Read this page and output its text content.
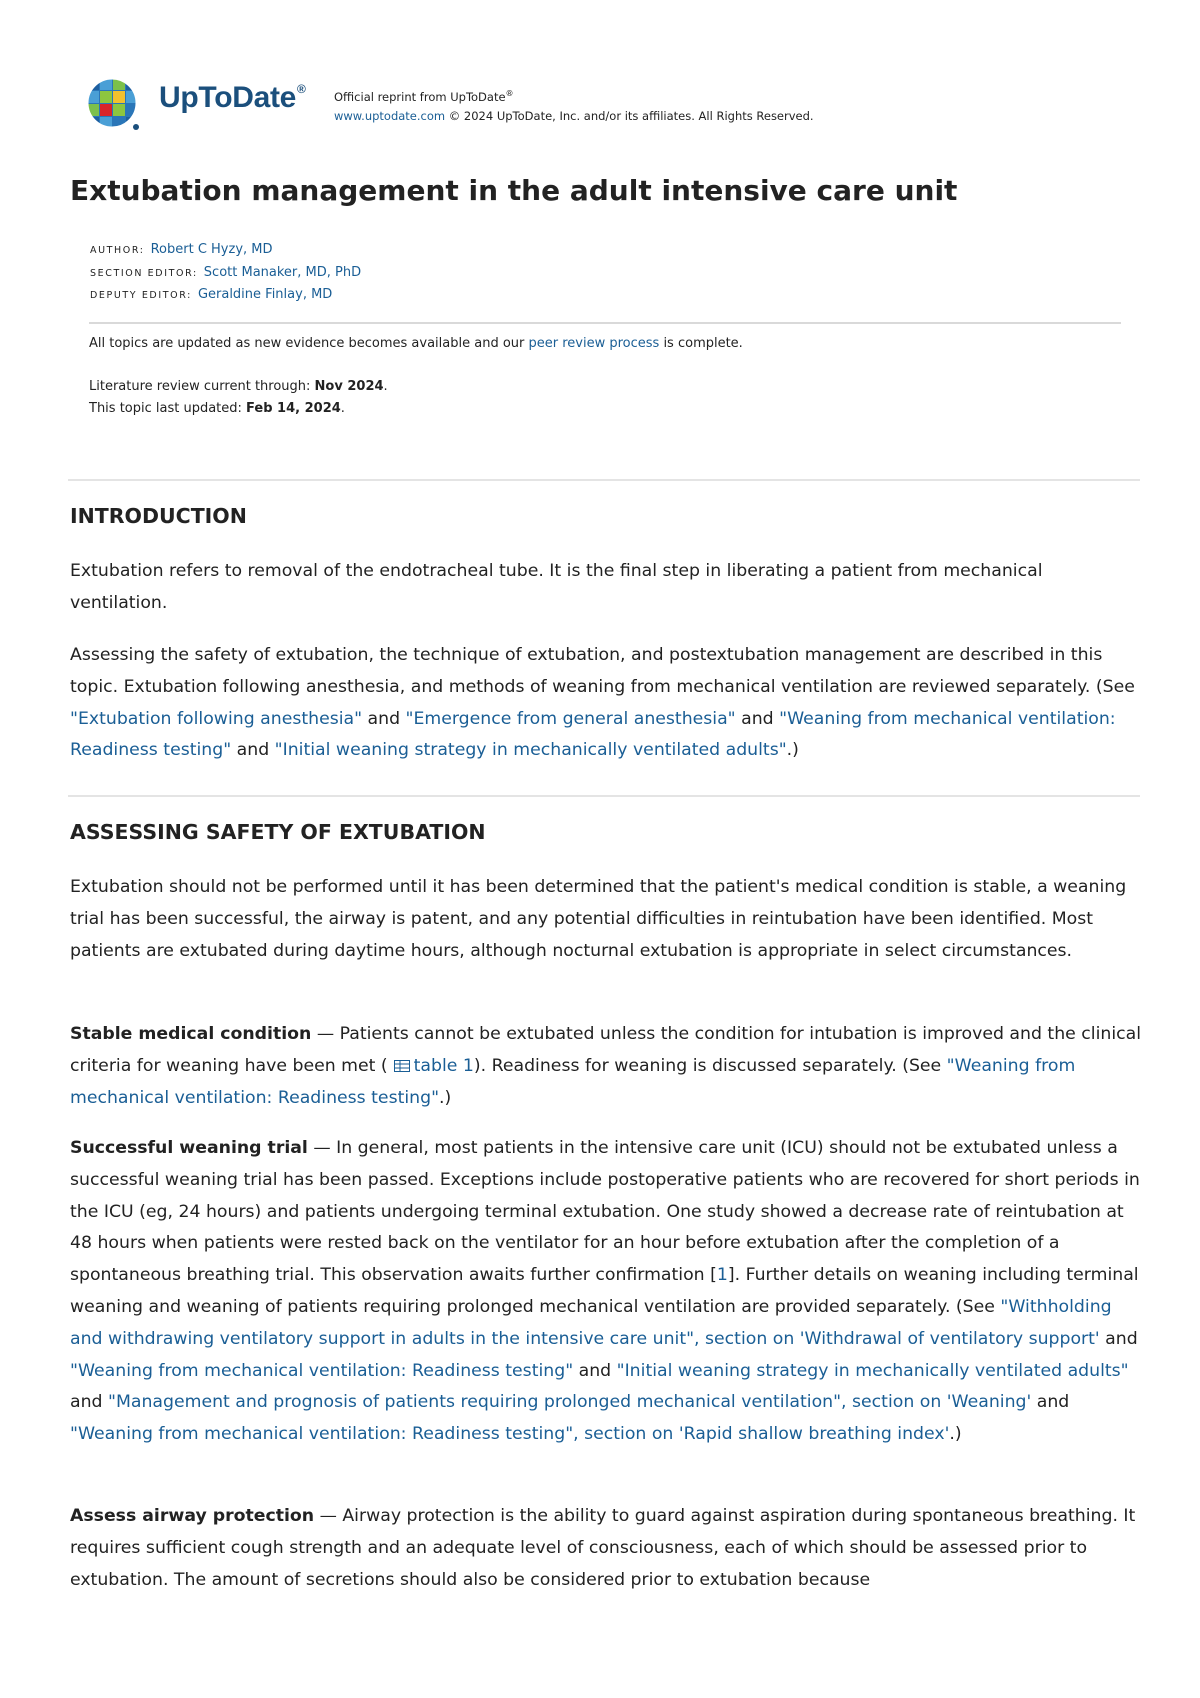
UpToDate®
Official reprint from UpToDate®
www.uptodate.com © 2024 UpToDate, Inc. and/or its affiliates. All Rights Reserved.
Extubation management in the adult intensive care unit
AUTHOR: Robert C Hyzy, MD
SECTION EDITOR: Scott Manaker, MD, PhD
DEPUTY EDITOR: Geraldine Finlay, MD
All topics are updated as new evidence becomes available and our peer review process is complete.
Literature review current through: Nov 2024.
This topic last updated: Feb 14, 2024.
INTRODUCTION

Extubation refers to removal of the endotracheal tube. It is the final step in liberating a patient from mechanical ventilation.

Assessing the safety of extubation, the technique of extubation, and postextubation management are described in this topic. Extubation following anesthesia, and methods of weaning from mechanical ventilation are reviewed separately. (See "Extubation following anesthesia" and "Emergence from general anesthesia" and "Weaning from mechanical ventilation: Readiness testing" and "Initial weaning strategy in mechanically ventilated adults".)

ASSESSING SAFETY OF EXTUBATION

Extubation should not be performed until it has been determined that the patient's medical condition is stable, a weaning trial has been successful, the airway is patent, and any potential difficulties in reintubation have been identified. Most patients are extubated during daytime hours, although nocturnal extubation is appropriate in select circumstances.

Stable medical condition — Patients cannot be extubated unless the condition for intubation is improved and the clinical criteria for weaning have been met ( table 1). Readiness for weaning is discussed separately. (See "Weaning from mechanical ventilation: Readiness testing".)

Successful weaning trial — In general, most patients in the intensive care unit (ICU) should not be extubated unless a successful weaning trial has been passed. Exceptions include postoperative patients who are recovered for short periods in the ICU (eg, 24 hours) and patients undergoing terminal extubation. One study showed a decrease rate of reintubation at 48 hours when patients were rested back on the ventilator for an hour before extubation after the completion of a spontaneous breathing trial. This observation awaits further confirmation [1]. Further details on weaning including terminal weaning and weaning of patients requiring prolonged mechanical ventilation are provided separately. (See "Withholding and withdrawing ventilatory support in adults in the intensive care unit", section on 'Withdrawal of ventilatory support' and "Weaning from mechanical ventilation: Readiness testing" and "Initial weaning strategy in mechanically ventilated adults" and "Management and prognosis of patients requiring prolonged mechanical ventilation", section on 'Weaning' and "Weaning from mechanical ventilation: Readiness testing", section on 'Rapid shallow breathing index'.)

Assess airway protection — Airway protection is the ability to guard against aspiration during spontaneous breathing. It requires sufficient cough strength and an adequate level of consciousness, each of which should be assessed prior to extubation. The amount of secretions should also be considered prior to extubation because
